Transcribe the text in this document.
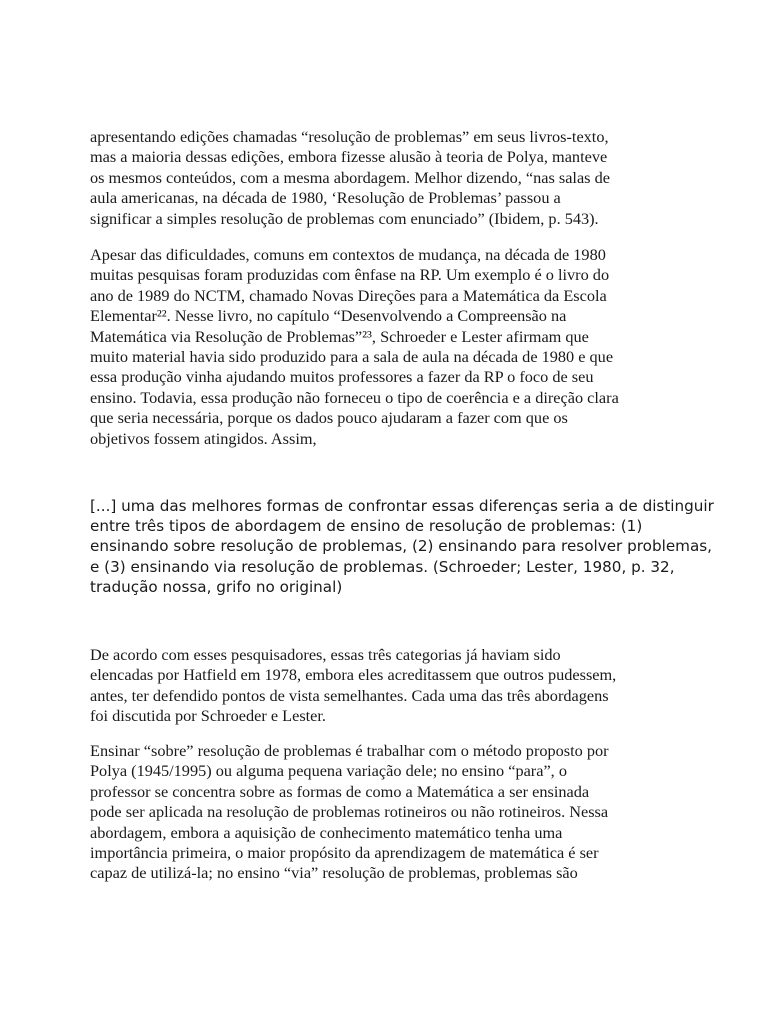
apresentando edições chamadas “resolução de problemas” em seus livros-texto,
mas a maioria dessas edições, embora fizesse alusão à teoria de Polya, manteve
os mesmos conteúdos, com a mesma abordagem. Melhor dizendo, “nas salas de
aula americanas, na década de 1980, ‘Resolução de Problemas’ passou a
significar a simples resolução de problemas com enunciado” (Ibidem, p. 543).
Apesar das dificuldades, comuns em contextos de mudança, na década de 1980
muitas pesquisas foram produzidas com ênfase na RP. Um exemplo é o livro do
ano de 1989 do NCTM, chamado Novas Direções para a Matemática da Escola
Elementar²². Nesse livro, no capítulo “Desenvolvendo a Compreensão na
Matemática via Resolução de Problemas”²³, Schroeder e Lester afirmam que
muito material havia sido produzido para a sala de aula na década de 1980 e que
essa produção vinha ajudando muitos professores a fazer da RP o foco de seu
ensino. Todavia, essa produção não forneceu o tipo de coerência e a direção clara
que seria necessária, porque os dados pouco ajudaram a fazer com que os
objetivos fossem atingidos. Assim,
[...] uma das melhores formas de confrontar essas diferenças seria a de distinguir
entre três tipos de abordagem de ensino de resolução de problemas: (1)
ensinando sobre resolução de problemas, (2) ensinando para resolver problemas,
e (3) ensinando via resolução de problemas. (Schroeder; Lester, 1980, p. 32,
tradução nossa, grifo no original)
De acordo com esses pesquisadores, essas três categorias já haviam sido
elencadas por Hatfield em 1978, embora eles acreditassem que outros pudessem,
antes, ter defendido pontos de vista semelhantes. Cada uma das três abordagens
foi discutida por Schroeder e Lester.
Ensinar “sobre” resolução de problemas é trabalhar com o método proposto por
Polya (1945/1995) ou alguma pequena variação dele; no ensino “para”, o
professor se concentra sobre as formas de como a Matemática a ser ensinada
pode ser aplicada na resolução de problemas rotineiros ou não rotineiros. Nessa
abordagem, embora a aquisição de conhecimento matemático tenha uma
importância primeira, o maior propósito da aprendizagem de matemática é ser
capaz de utilizá-la; no ensino “via” resolução de problemas, problemas são
